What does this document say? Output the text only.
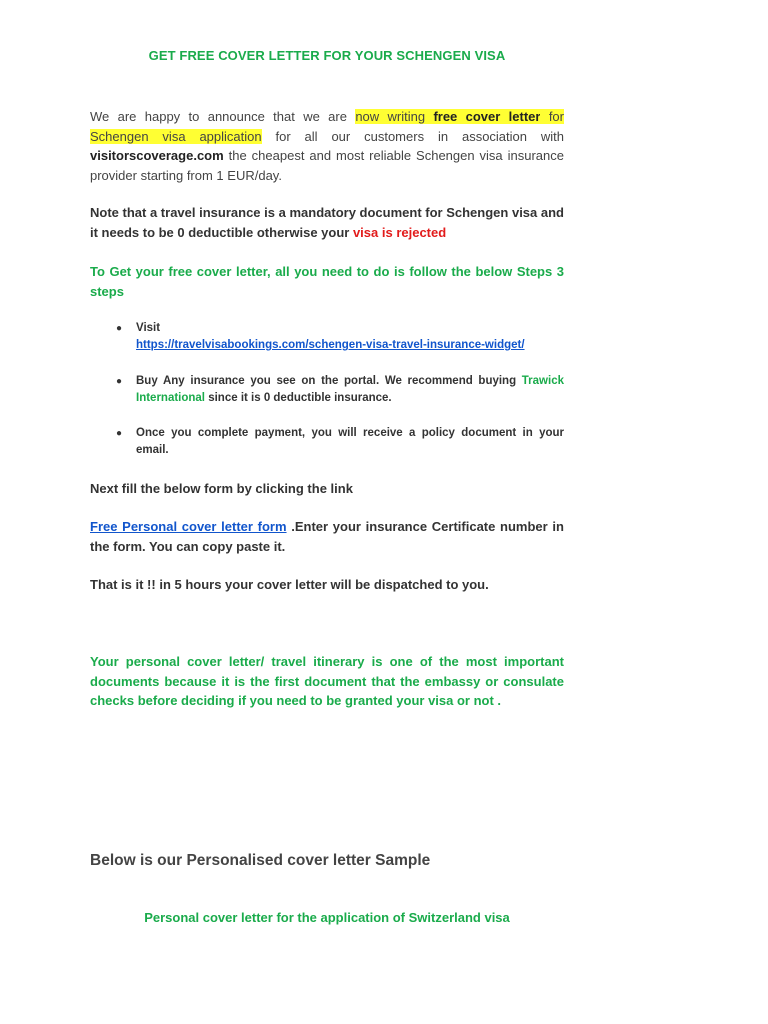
GET FREE COVER LETTER FOR YOUR SCHENGEN VISA
We are happy to announce that we are now writing free cover letter for Schengen visa application for all our customers in association with visitorscoverage.com the cheapest and most reliable Schengen visa insurance provider starting from 1 EUR/day.
Note that a travel insurance is a mandatory document for Schengen visa and it needs to be 0 deductible otherwise your visa is rejected
To Get your free cover letter, all you need to do is follow the below Steps 3 steps
● Visit
https://travelvisabookings.com/schengen-visa-travel-insurance-widget/
● Buy Any insurance you see on the portal. We recommend buying Trawick International since it is 0 deductible insurance.
● Once you complete payment, you will receive a policy document in your email.
Next fill the below form by clicking the link
Free Personal cover letter form .Enter your insurance Certificate number in the form. You can copy paste it.
That is it !! in 5 hours your cover letter will be dispatched to you.
Your personal cover letter/ travel itinerary is one of the most important documents because it is the first document that the embassy or consulate checks before deciding if you need to be granted your visa or not .
Below is our Personalised cover letter Sample
Personal cover letter for the application of Switzerland visa
